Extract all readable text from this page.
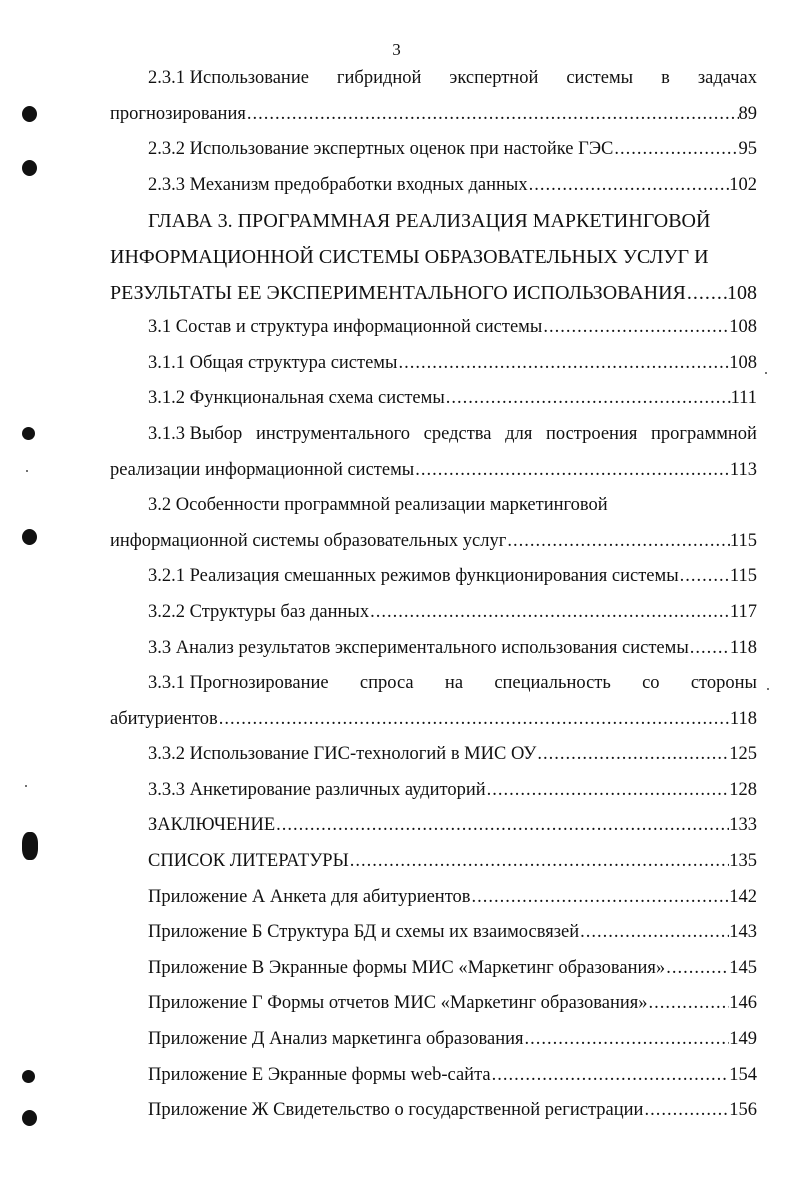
3
2.3.1 Использование гибридной экспертной системы в задачах
прогнозирования .....	89
2.3.2 Использование экспертных оценок при настойке ГЭС .....	95
2.3.3 Механизм предобработки входных данных .....	102
ГЛАВА 3. ПРОГРАММНАЯ РЕАЛИЗАЦИЯ МАРКЕТИНГОВОЙ
ИНФОРМАЦИОННОЙ СИСТЕМЫ ОБРАЗОВАТЕЛЬНЫХ УСЛУГ И
РЕЗУЛЬТАТЫ ЕЕ ЭКСПЕРИМЕНТАЛЬНОГО ИСПОЛЬЗОВАНИЯ ..... 108
3.1 Состав и структура информационной системы .....	108
3.1.1 Общая структура системы .....	108
3.1.2 Функциональная схема системы .....	111
3.1.3 Выбор инструментального средства для построения программной
реализации информационной системы .....	113
3.2 Особенности программной реализации маркетинговой
информационной системы образовательных услуг .....	115
3.2.1 Реализация смешанных режимов функционирования системы .....	115
3.2.2 Структуры баз данных .....	117
3.3 Анализ результатов экспериментального использования системы ..... 118
3.3.1 Прогнозирование спроса на специальность со стороны
абитуриентов .....	118
3.3.2 Использование ГИС-технологий в МИС ОУ .....	125
3.3.3 Анкетирование различных аудиторий .....	128
ЗАКЛЮЧЕНИЕ .....	133
СПИСОК ЛИТЕРАТУРЫ .....	135
Приложение А Анкета для абитуриентов .....	142
Приложение Б Структура БД и схемы их взаимосвязей .....	143
Приложение В Экранные формы МИС «Маркетинг образования» .....	145
Приложение Г Формы отчетов МИС «Маркетинг образования» .....	146
Приложение Д Анализ маркетинга образования .....	149
Приложение Е Экранные формы web-сайта .....	154
Приложение Ж Свидетельство о государственной регистрации .....	156
